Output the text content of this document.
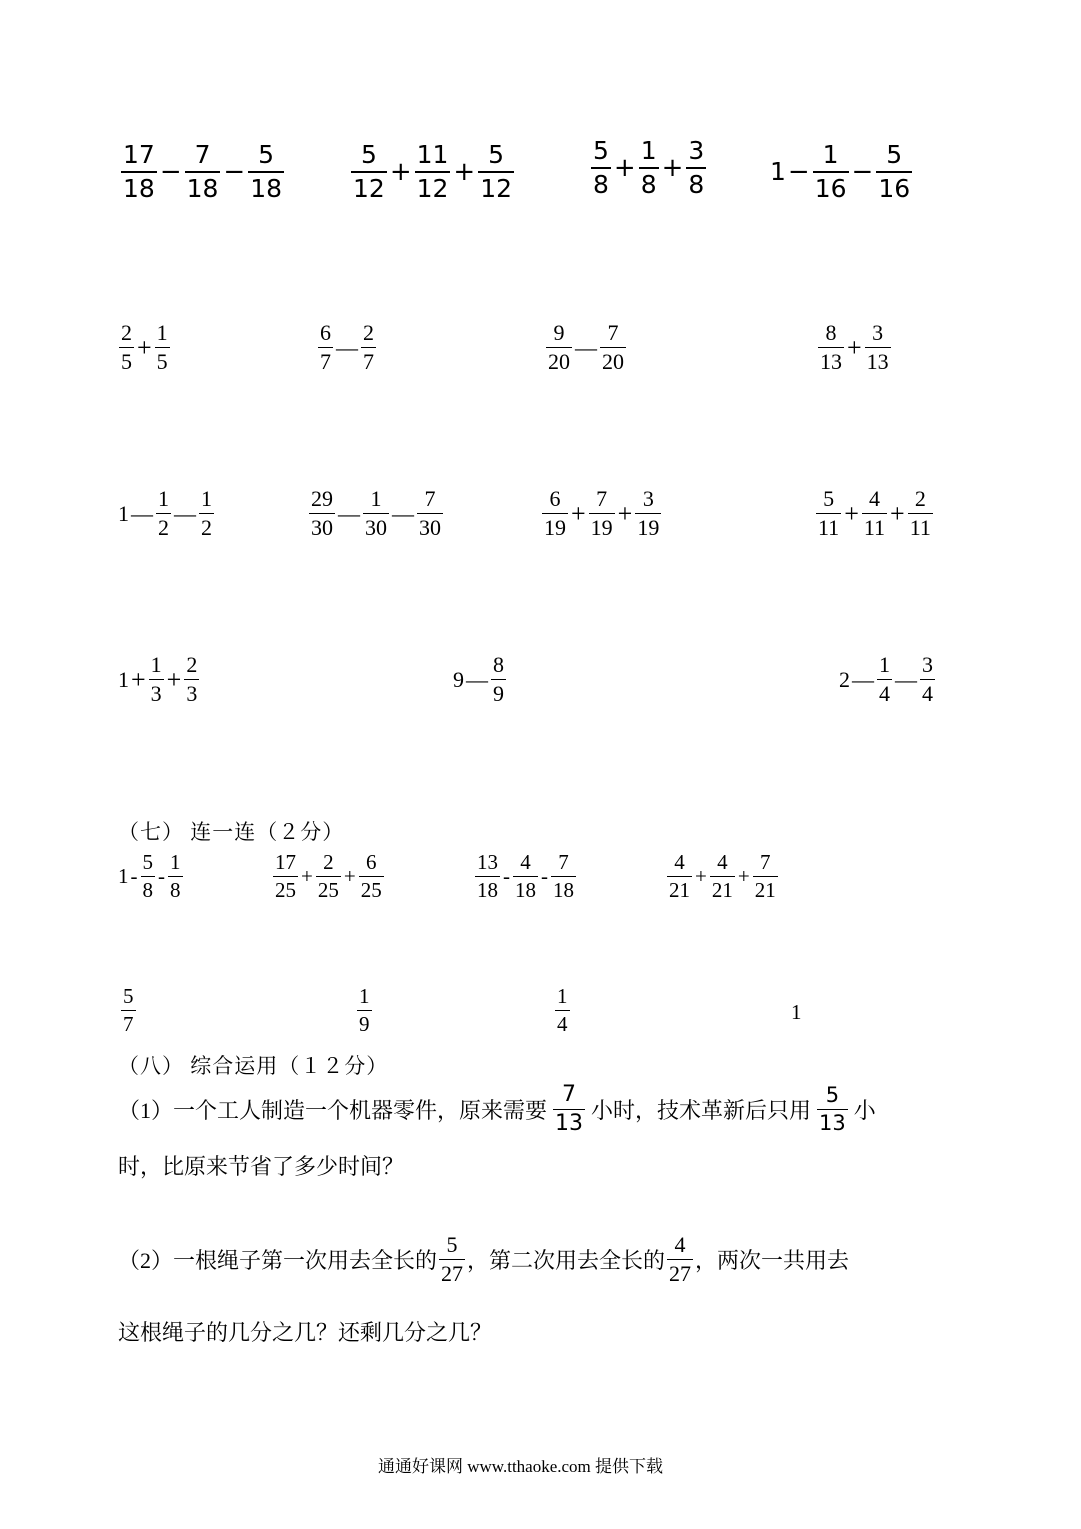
$\frac{17}{18} - \frac{7}{18} - \frac{5}{18}$	$\frac{5}{12} + \frac{11}{12} + \frac{5}{12}$	$\frac{5}{8} + \frac{1}{8} + \frac{3}{8}$	$1 - \frac{1}{16} - \frac{5}{16}$
$\frac{2}{5} + \frac{1}{5}$	$\frac{6}{7}$ — $\frac{2}{7}$	$\frac{9}{20}$ — $\frac{7}{20}$	$\frac{8}{13} + \frac{3}{13}$
1 — $\frac{1}{2}$ — $\frac{1}{2}$	$\frac{29}{30}$ — $\frac{1}{30}$ — $\frac{7}{30}$	$\frac{6}{19} + \frac{7}{19} + \frac{3}{19}$	$\frac{5}{11} + \frac{4}{11} + \frac{2}{11}$
$1 + \frac{1}{3} + \frac{2}{3}$	9 — $\frac{8}{9}$	2 — $\frac{1}{4}$ — $\frac{3}{4}$
（七） 连一连（２分）
$1 - \frac{5}{8} - \frac{1}{8}$	$\frac{17}{25} + \frac{2}{25} + \frac{6}{25}$	$\frac{13}{18} - \frac{4}{18} - \frac{7}{18}$	$\frac{4}{21} + \frac{4}{21} + \frac{7}{21}$
$\frac{5}{7}$	$\frac{1}{9}$	$\frac{1}{4}$	1
（八） 综合运用（１２分）
（1）一个工人制造一个机器零件，原来需要 $\frac{7}{13}$ 小时，技术革新后只用 $\frac{5}{13}$ 小
时，比原来节省了多少时间？
（2）一根绳子第一次用去全长的 $\frac{5}{27}$ ，第二次用去全长的 $\frac{4}{27}$ ，两次一共用去
这根绳子的几分之几？还剩几分之几？
通通好课网 www.tthaoke.com 提供下载
